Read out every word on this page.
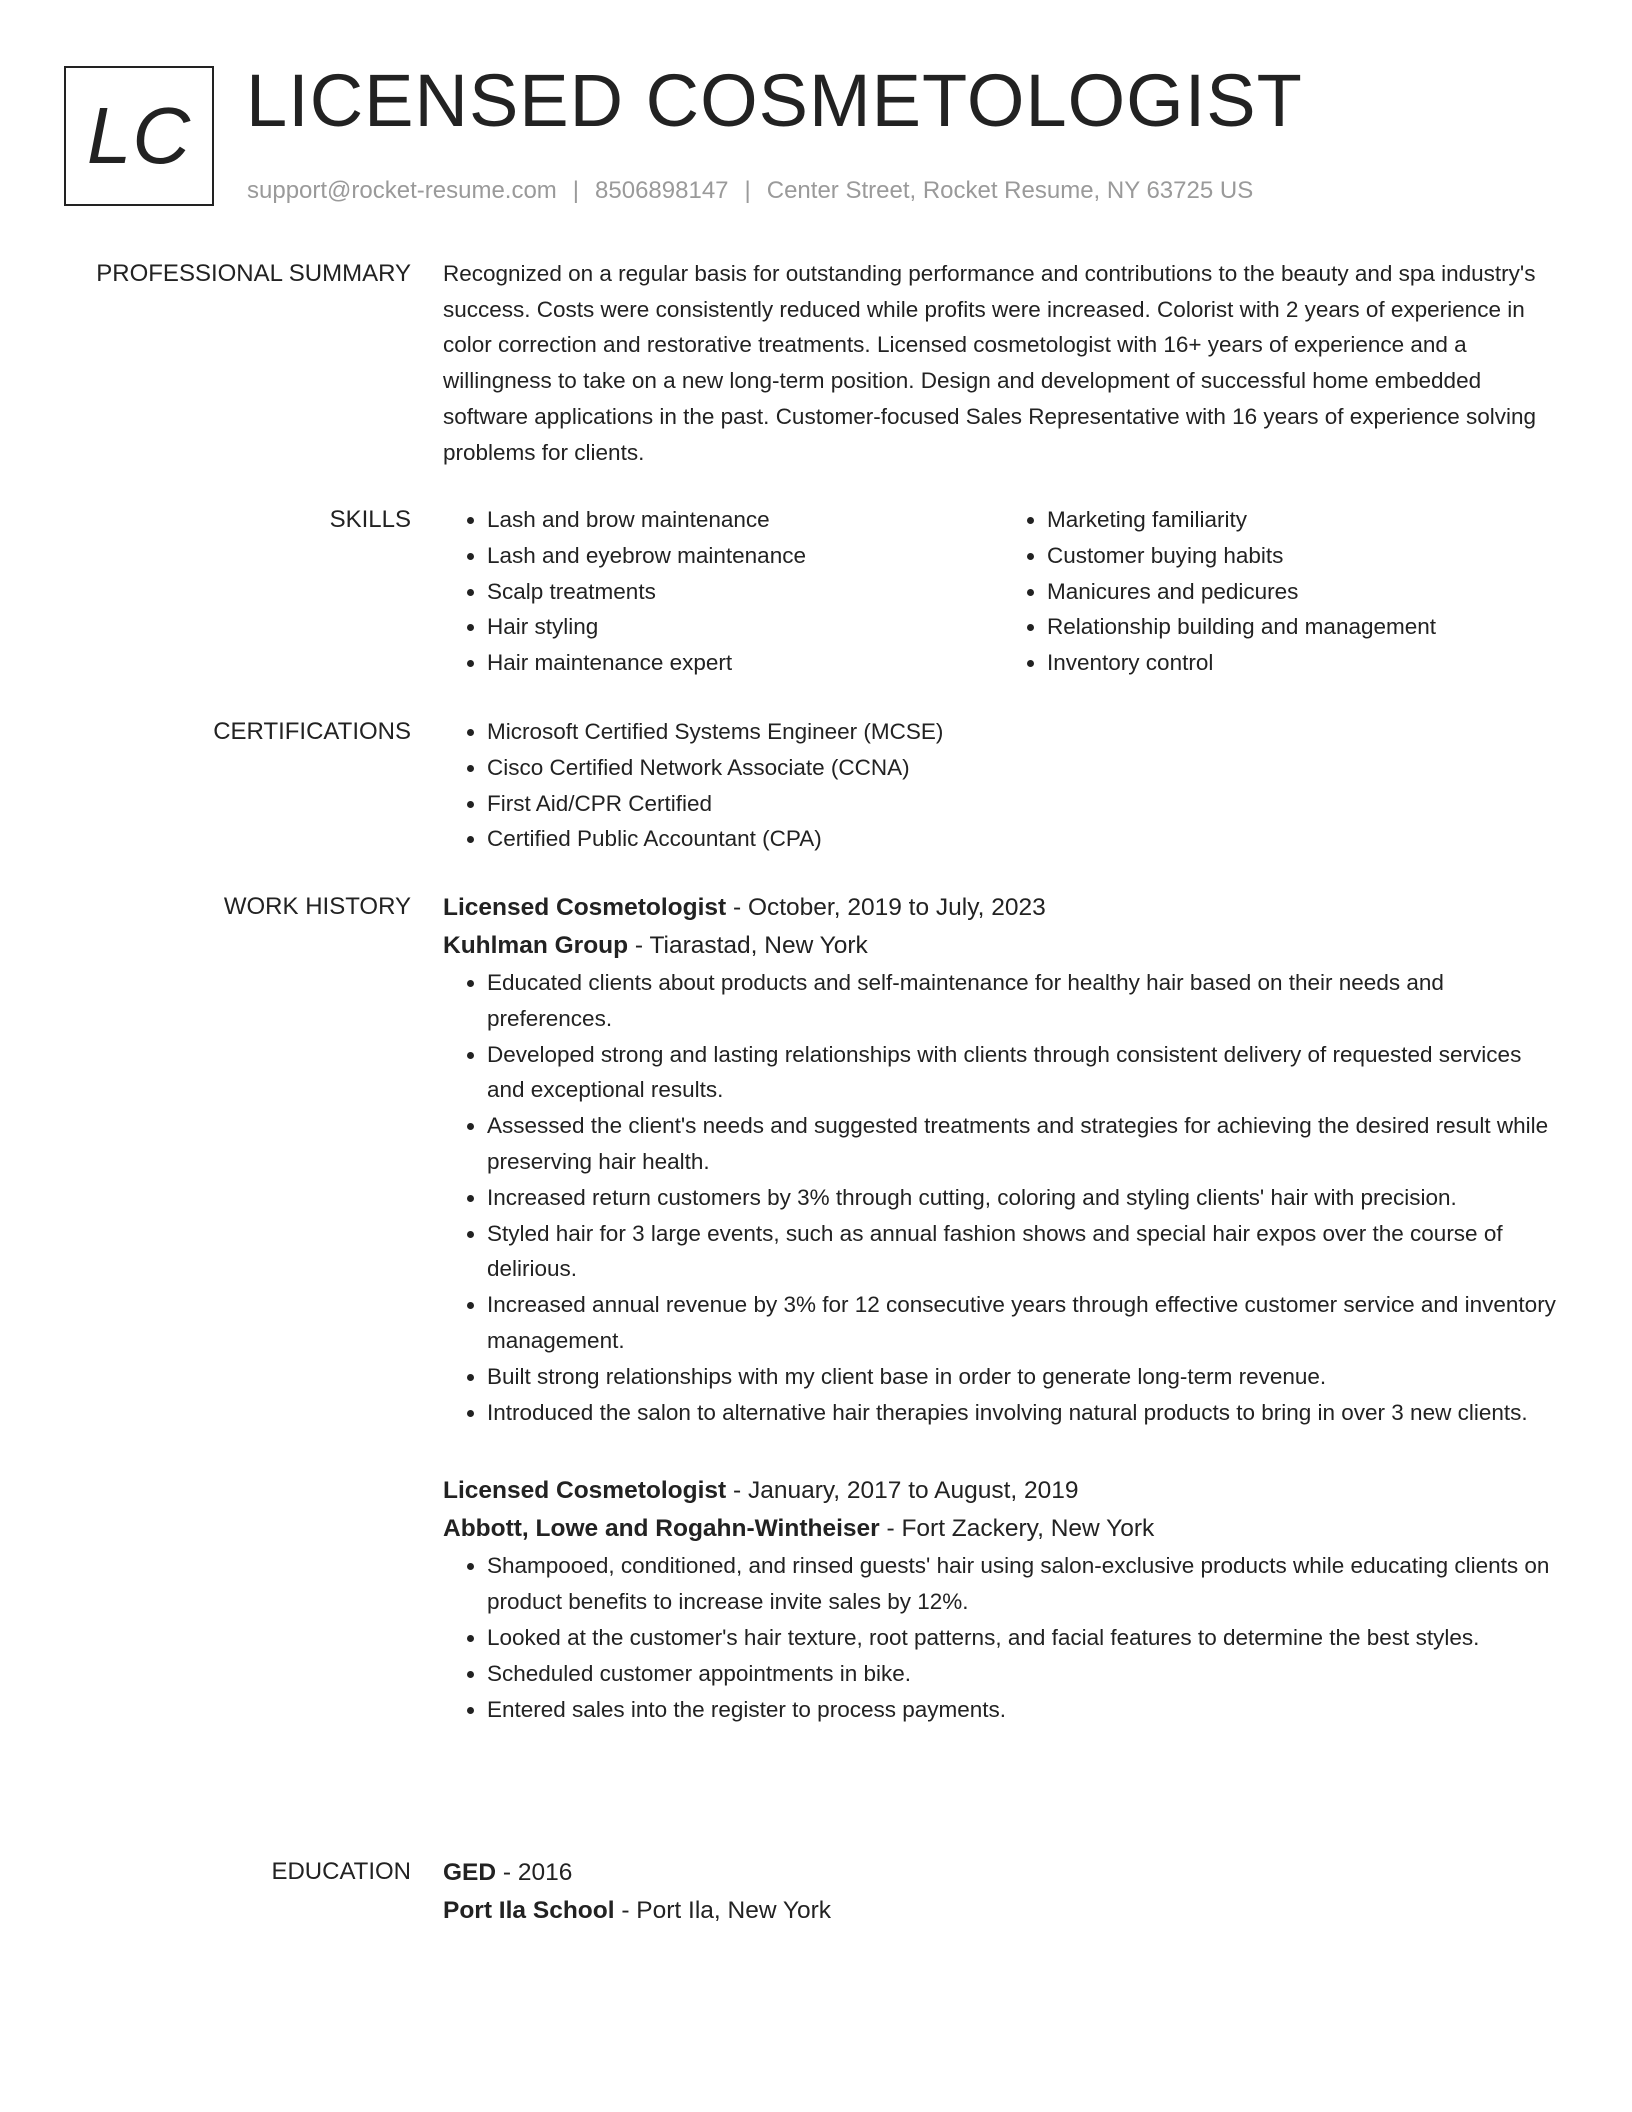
LC LICENSED COSMETOLOGIST
support@rocket-resume.com | 8506898147 | Center Street, Rocket Resume, NY 63725 US
PROFESSIONAL SUMMARY Recognized on a regular basis for outstanding performance and contributions to the beauty and spa industry's success. Costs were consistently reduced while profits were increased. Colorist with 2 years of experience in color correction and restorative treatments. Licensed cosmetologist with 16+ years of experience and a willingness to take on a new long-term position. Design and development of successful home embedded software applications in the past. Customer-focused Sales Representative with 16 years of experience solving problems for clients.

SKILLS	• Lash and brow maintenance
• Lash and eyebrow maintenance
• Scalp treatments
• Hair styling
• Hair maintenance expert
• Marketing familiarity
• Customer buying habits
• Manicures and pedicures
• Relationship building and management
• Inventory control
CERTIFICATIONS	• Microsoft Certified Systems Engineer (MCSE)
• Cisco Certified Network Associate (CCNA)
• First Aid/CPR Certified
• Certified Public Accountant (CPA)
WORK HISTORY Licensed Cosmetologist - October, 2019 to July, 2023
Kuhlman Group - Tiarastad, New York
• Educated clients about products and self-maintenance for healthy hair based on their needs and preferences.
• Developed strong and lasting relationships with clients through consistent delivery of requested services and exceptional results.
• Assessed the client's needs and suggested treatments and strategies for achieving the desired result while preserving hair health.
• Increased return customers by 3% through cutting, coloring and styling clients' hair with precision.
• Styled hair for 3 large events, such as annual fashion shows and special hair expos over the course of delirious.
• Increased annual revenue by 3% for 12 consecutive years through effective customer service and inventory management.
• Built strong relationships with my client base in order to generate long-term revenue.
• Introduced the salon to alternative hair therapies involving natural products to bring in over 3 new clients.
Licensed Cosmetologist - January, 2017 to August, 2019
Abbott, Lowe and Rogahn-Wintheiser - Fort Zackery, New York
• Shampooed, conditioned, and rinsed guests' hair using salon-exclusive products while educating clients on product benefits to increase invite sales by 12%.
• Looked at the customer's hair texture, root patterns, and facial features to determine the best styles.
• Scheduled customer appointments in bike.
• Entered sales into the register to process payments.
EDUCATION GED - 2016
Port Ila School - Port Ila, New York
